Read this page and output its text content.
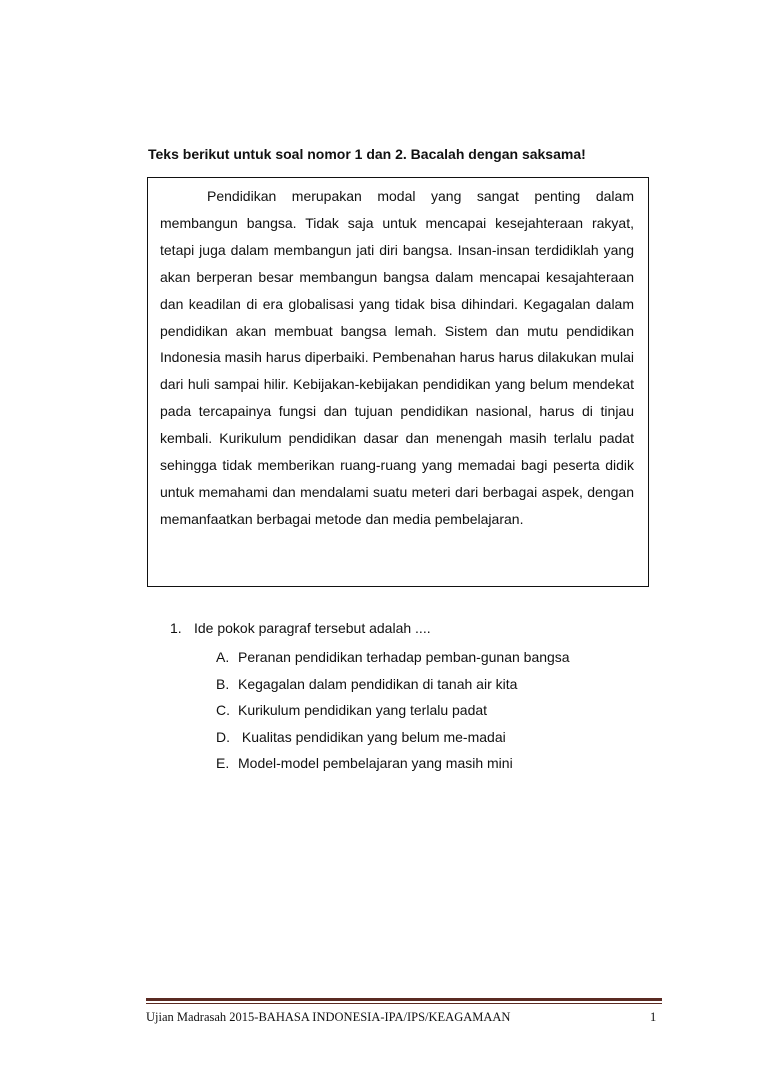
Teks berikut untuk soal nomor 1 dan 2. Bacalah dengan saksama!

Pendidikan merupakan modal yang sangat penting dalam membangun bangsa. Tidak saja untuk mencapai kesejahteraan rakyat, tetapi juga dalam membangun jati diri bangsa. Insan-insan terdidiklah yang akan berperan besar membangun bangsa dalam mencapai kesajahteraan dan keadilan di era globalisasi yang tidak bisa dihindari. Kegagalan dalam pendidikan akan membuat bangsa lemah. Sistem dan mutu pendidikan Indonesia masih harus diperbaiki. Pembenahan harus harus dilakukan mulai dari huli sampai hilir. Kebijakan-kebijakan pendidikan yang belum mendekat pada tercapainya fungsi dan tujuan pendidikan nasional, harus di tinjau kembali. Kurikulum pendidikan dasar dan menengah masih terlalu padat sehingga tidak memberikan ruang-ruang yang memadai bagi peserta didik untuk memahami dan mendalami suatu meteri dari berbagai aspek, dengan memanfaatkan berbagai metode dan media pembelajaran.

1. Ide pokok paragraf tersebut adalah ....
A. Peranan pendidikan terhadap pemban-gunan bangsa
B. Kegagalan dalam pendidikan di tanah air kita
C. Kurikulum pendidikan yang terlalu padat
D. Kualitas pendidikan yang belum me-madai
E. Model-model pembelajaran yang masih mini
Ujian Madrasah 2015-BAHASA INDONESIA-IPA/IPS/KEAGAMAAN	1
